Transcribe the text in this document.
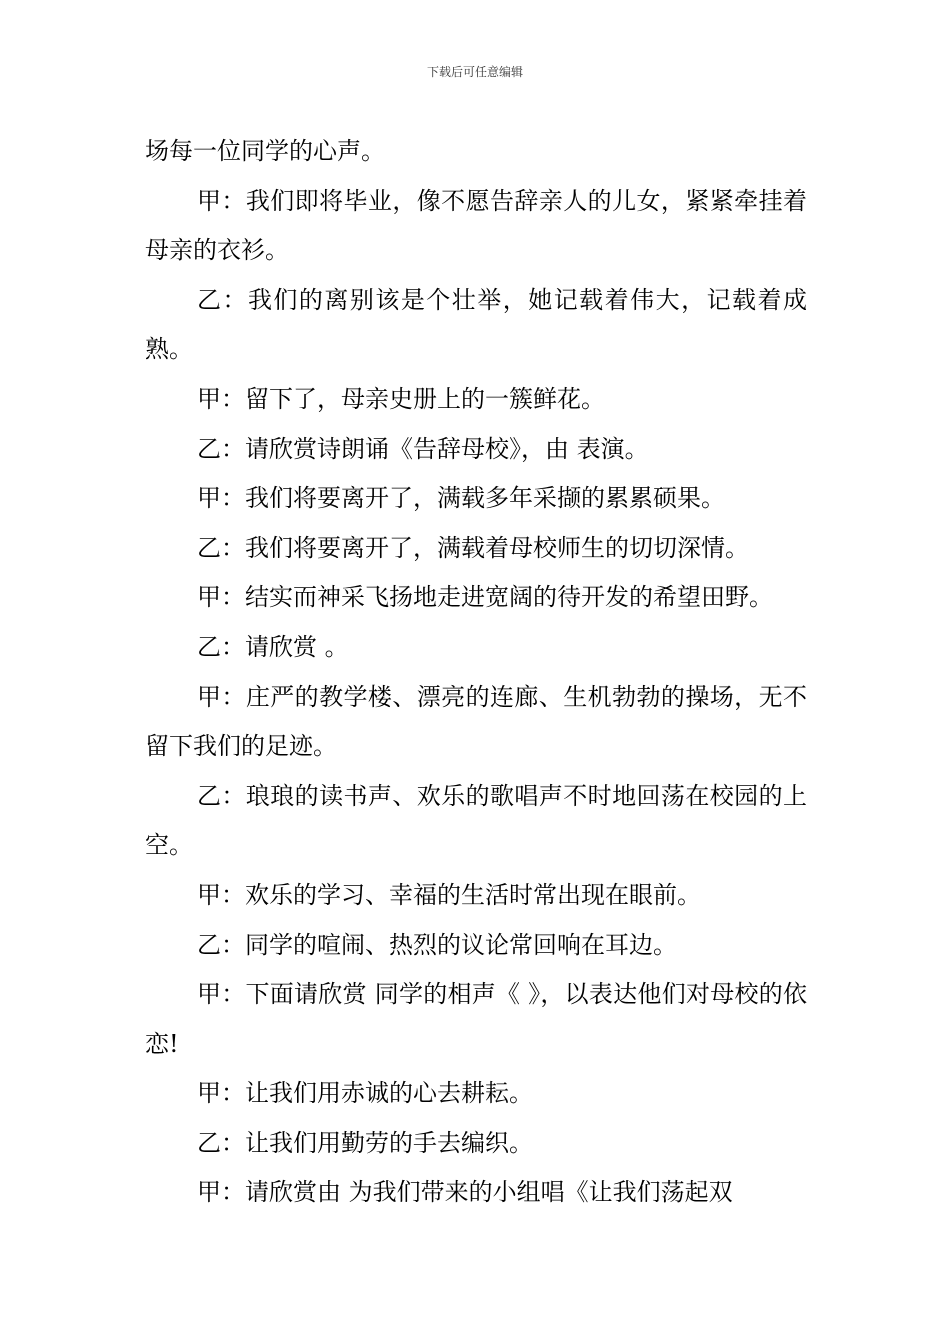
下载后可任意编辑

场每一位同学的心声。

甲：我们即将毕业，像不愿告辞亲人的儿女，紧紧牵挂着母亲的衣衫。

乙：我们的离别该是个壮举，她记载着伟大，记载着成熟。

甲：留下了，母亲史册上的一簇鲜花。

乙：请欣赏诗朗诵《告辞母校》，由 表演。

甲：我们将要离开了，满载多年采撷的累累硕果。

乙：我们将要离开了，满载着母校师生的切切深情。

甲：结实而神采飞扬地走进宽阔的待开发的希望田野。

乙：请欣赏 。

甲：庄严的教学楼、漂亮的连廊、生机勃勃的操场，无不留下我们的足迹。

乙：琅琅的读书声、欢乐的歌唱声不时地回荡在校园的上空。

甲：欢乐的学习、幸福的生活时常出现在眼前。

乙：同学的喧闹、热烈的议论常回响在耳边。

甲：下面请欣赏 同学的相声《 》，以表达他们对母校的依恋!

甲：让我们用赤诚的心去耕耘。

乙：让我们用勤劳的手去编织。

甲：请欣赏由 为我们带来的小组唱《让我们荡起双
